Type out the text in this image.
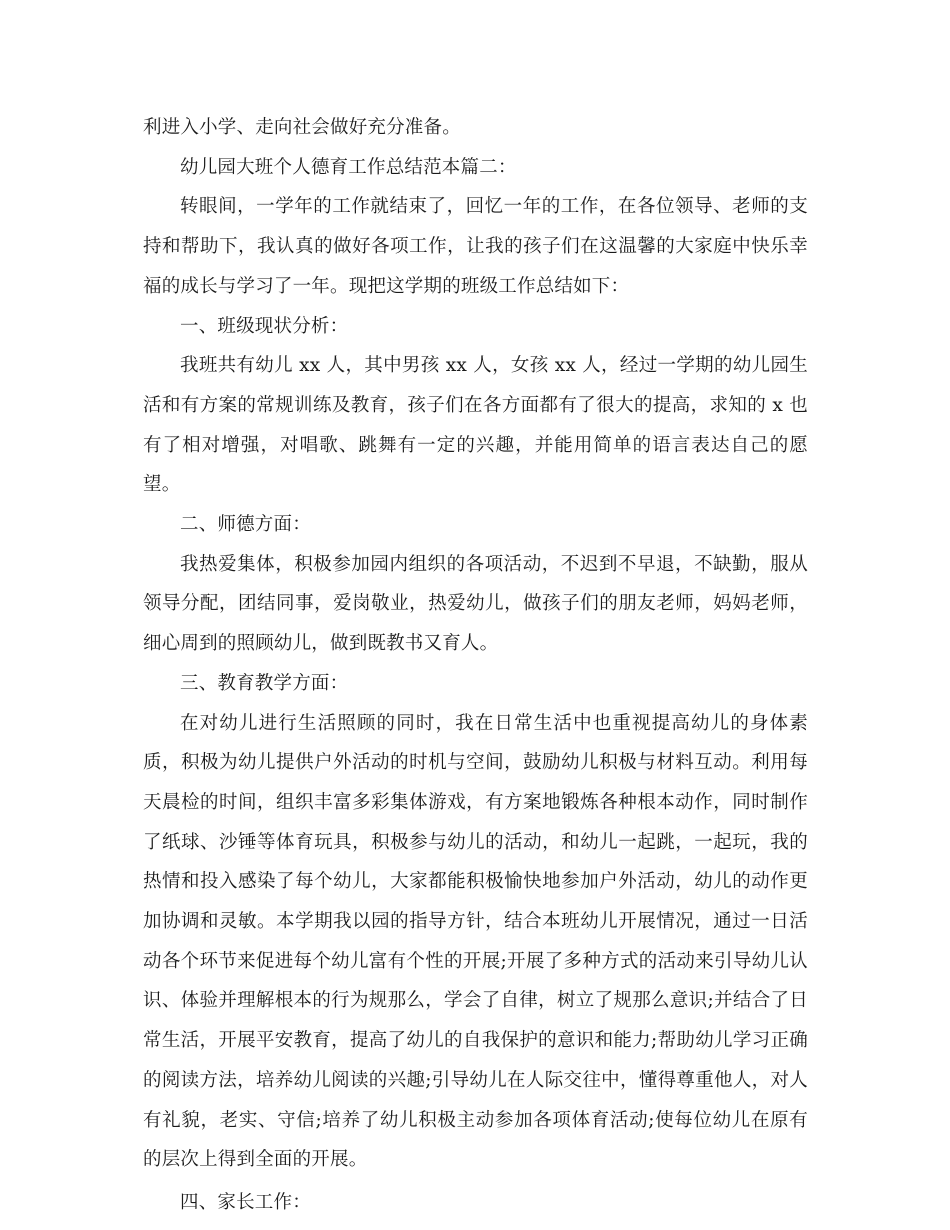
利进入小学、走向社会做好充分准备。

幼儿园大班个人德育工作总结范本篇二：

转眼间，一学年的工作就结束了，回忆一年的工作，在各位领导、老师的支持和帮助下，我认真的做好各项工作，让我的孩子们在这温馨的大家庭中快乐幸福的成长与学习了一年。现把这学期的班级工作总结如下：

一、班级现状分析：

我班共有幼儿 xx 人，其中男孩 xx 人，女孩 xx 人，经过一学期的幼儿园生活和有方案的常规训练及教育，孩子们在各方面都有了很大的提高，求知的 x 也有了相对增强，对唱歌、跳舞有一定的兴趣，并能用简单的语言表达自己的愿望。

二、师德方面：

我热爱集体，积极参加园内组织的各项活动，不迟到不早退，不缺勤，服从领导分配，团结同事，爱岗敬业，热爱幼儿，做孩子们的朋友老师，妈妈老师，细心周到的照顾幼儿，做到既教书又育人。

三、教育教学方面：

在对幼儿进行生活照顾的同时，我在日常生活中也重视提高幼儿的身体素质，积极为幼儿提供户外活动的时机与空间，鼓励幼儿积极与材料互动。利用每天晨检的时间，组织丰富多彩集体游戏，有方案地锻炼各种根本动作，同时制作了纸球、沙锤等体育玩具，积极参与幼儿的活动，和幼儿一起跳，一起玩，我的热情和投入感染了每个幼儿，大家都能积极愉快地参加户外活动，幼儿的动作更加协调和灵敏。本学期我以园的指导方针，结合本班幼儿开展情况，通过一日活动各个环节来促进每个幼儿富有个性的开展;开展了多种方式的活动来引导幼儿认识、体验并理解根本的行为规那么，学会了自律，树立了规那么意识;并结合了日常生活，开展平安教育，提高了幼儿的自我保护的意识和能力;帮助幼儿学习正确的阅读方法，培养幼儿阅读的兴趣;引导幼儿在人际交往中，懂得尊重他人，对人有礼貌，老实、守信;培养了幼儿积极主动参加各项体育活动;使每位幼儿在原有的层次上得到全面的开展。

四、家长工作：
